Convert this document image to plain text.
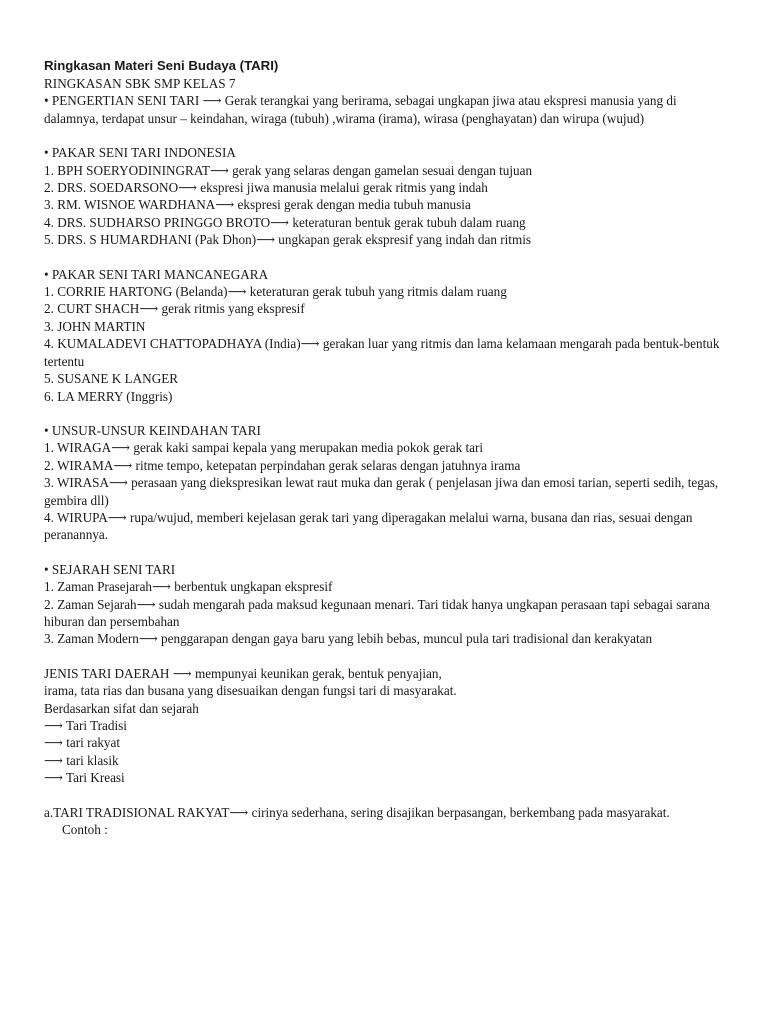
Ringkasan Materi Seni Budaya (TARI)

RINGKASAN SBK SMP KELAS 7

• PENGERTIAN SENI TARI ⟶ Gerak terangkai yang berirama, sebagai ungkapan jiwa atau ekspresi manusia yang di dalamnya, terdapat unsur – keindahan, wiraga (tubuh) ,wirama (irama), wirasa (penghayatan) dan wirupa (wujud)

• PAKAR SENI TARI INDONESIA

1. BPH SOERYODININGRAT⟶ gerak yang selaras dengan gamelan sesuai dengan tujuan

2. DRS. SOEDARSONO⟶ ekspresi jiwa manusia melalui gerak ritmis yang indah

3. RM. WISNOE WARDHANA⟶ ekspresi gerak dengan media tubuh manusia

4. DRS. SUDHARSO PRINGGO BROTO⟶ keteraturan bentuk gerak tubuh dalam ruang

5. DRS. S HUMARDHANI (Pak Dhon)⟶ ungkapan gerak ekspresif yang indah dan ritmis

• PAKAR SENI TARI MANCANEGARA

1. CORRIE HARTONG (Belanda)⟶ keteraturan gerak tubuh yang ritmis dalam ruang

2. CURT SHACH⟶ gerak ritmis yang ekspresif

3. JOHN MARTIN

4. KUMALADEVI CHATTOPADHAYA (India)⟶ gerakan luar yang ritmis dan lama kelamaan mengarah pada bentuk-bentuk tertentu

5. SUSANE K LANGER

6. LA MERRY (Inggris)

• UNSUR-UNSUR KEINDAHAN TARI

1. WIRAGA⟶ gerak kaki sampai kepala yang merupakan media pokok gerak tari

2. WIRAMA⟶ ritme tempo, ketepatan perpindahan gerak selaras dengan jatuhnya irama

3. WIRASA⟶ perasaan yang diekspresikan lewat raut muka dan gerak ( penjelasan jiwa dan emosi tarian, seperti sedih, tegas, gembira dll)

4. WIRUPA⟶ rupa/wujud, memberi kejelasan gerak tari yang diperagakan melalui warna, busana dan rias, sesuai dengan peranannya.

• SEJARAH SENI TARI

1. Zaman Prasejarah⟶ berbentuk ungkapan ekspresif

2. Zaman Sejarah⟶ sudah mengarah pada maksud kegunaan menari. Tari tidak hanya ungkapan perasaan tapi sebagai sarana hiburan dan persembahan

3. Zaman Modern⟶ penggarapan dengan gaya baru yang lebih bebas, muncul pula tari tradisional dan kerakyatan

JENIS TARI DAERAH ⟶ mempunyai keunikan gerak, bentuk penyajian, irama, tata rias dan busana yang disesuaikan dengan fungsi tari di masyarakat.

Berdasarkan sifat dan sejarah

⟶ Tari Tradisi

⟶ tari rakyat

⟶ tari klasik

⟶ Tari Kreasi

a.TARI TRADISIONAL RAKYAT⟶ cirinya sederhana, sering disajikan berpasangan, berkembang pada masyarakat.

Contoh :
